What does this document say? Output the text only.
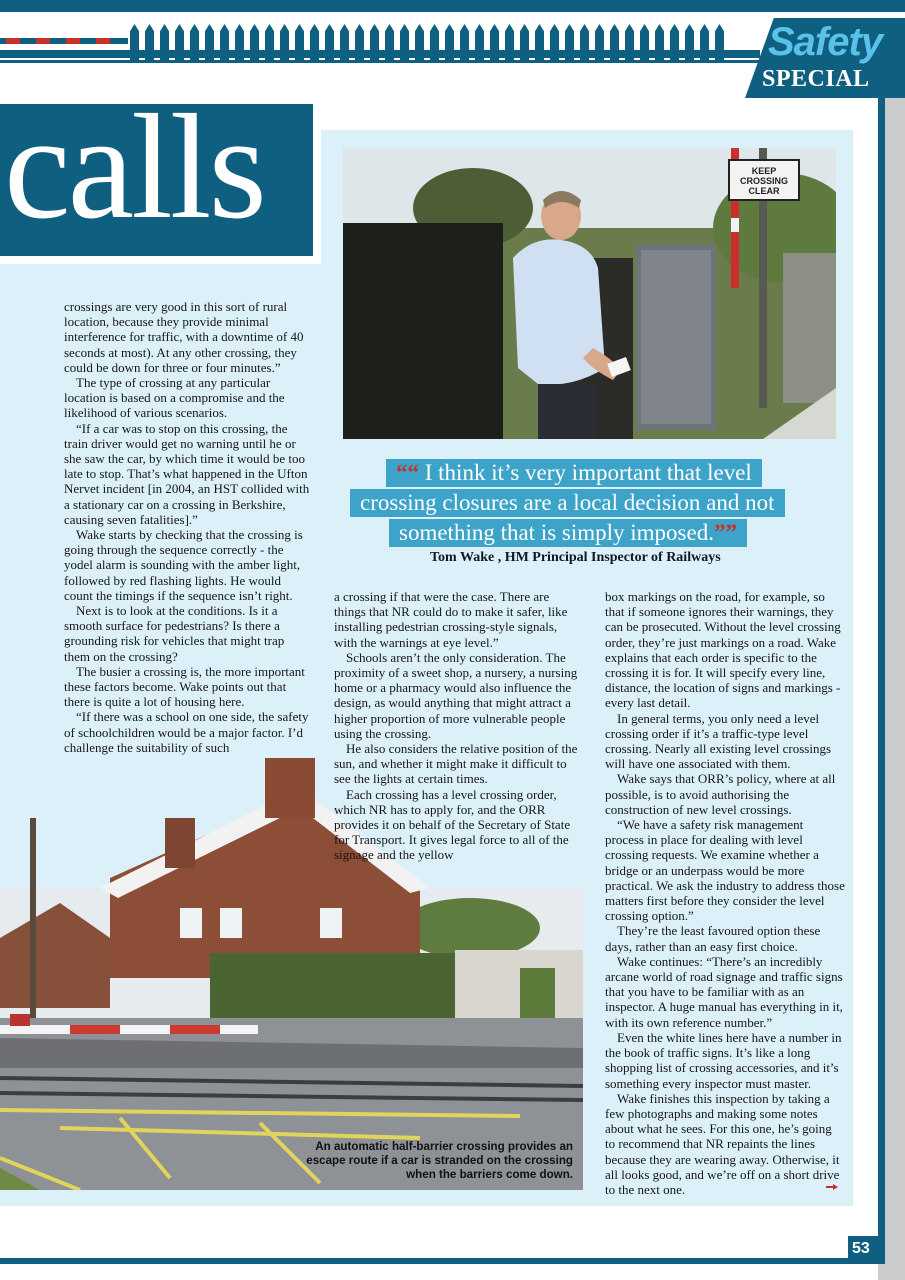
Safety
SPECIAL
53
calls	KEEP
CROSSING
CLEAR
““ I think it’s very important that level
crossing closures are a local decision and not
something that is simply imposed.””
Tom Wake , HM Principal Inspector of Railways

crossings are very good in this sort of rural location, because they provide minimal interference for traffic, with a downtime of 40 seconds at most). At any other crossing, they could be down for three or four minutes.”

The type of crossing at any particular location is based on a compromise and the likelihood of various scenarios.

“If a car was to stop on this crossing, the train driver would get no warning until he or she saw the car, by which time it would be too late to stop. That’s what happened in the Ufton Nervet incident [in 2004, an HST collided with a stationary car on a crossing in Berkshire, causing seven fatalities].”

Wake starts by checking that the crossing is going through the sequence correctly - the yodel alarm is sounding with the amber light, followed by red flashing lights. He would count the timings if the sequence isn’t right.

Next is to look at the conditions. Is it a smooth surface for pedestrians? Is there a grounding risk for vehicles that might trap them on the crossing?

The busier a crossing is, the more important these factors become. Wake points out that there is quite a lot of housing here.

“If there was a school on one side, the safety of schoolchildren would be a major factor. I’d challenge the suitability of such

a crossing if that were the case. There are things that NR could do to make it safer, like installing pedestrian crossing-style signals, with the warnings at eye level.”

Schools aren’t the only consideration. The proximity of a sweet shop, a nursery, a nursing home or a pharmacy would also influence the design, as would anything that might attract a higher proportion of more vulnerable people using the crossing.

He also considers the relative position of the sun, and whether it might make it difficult to see the lights at certain times.

Each crossing has a level crossing order, which NR has to apply for, and the ORR provides it on behalf of the Secretary of State for Transport. It gives legal force to all of the signage and the yellow

box markings on the road, for example, so that if someone ignores their warnings, they can be prosecuted. Without the level crossing order, they’re just markings on a road. Wake explains that each order is specific to the crossing it is for. It will specify every line, distance, the location of signs and markings - every last detail.

In general terms, you only need a level crossing order if it’s a traffic-type level crossing. Nearly all existing level crossings will have one associated with them.

Wake says that ORR’s policy, where at all possible, is to avoid authorising the construction of new level crossings.

“We have a safety risk management process in place for dealing with level crossing requests. We examine whether a bridge or an underpass would be more practical. We ask the industry to address those matters first before they consider the level crossing option.”

They’re the least favoured option these days, rather than an easy first choice.

Wake continues: “There’s an incredibly arcane world of road signage and traffic signs that you have to be familiar with as an inspector. A huge manual has everything in it, with its own reference number.”

Even the white lines here have a number in the book of traffic signs. It’s like a long shopping list of crossing accessories, and it’s something every inspector must master.

Wake finishes this inspection by taking a few photographs and making some notes about what he sees. For this one, he’s going to recommend that NR repaints the lines because they are wearing away. Otherwise, it all looks good, and we’re off on a short drive to the next one.

An automatic half-barrier crossing provides an escape route if a car is stranded on the crossing when the barriers come down.
